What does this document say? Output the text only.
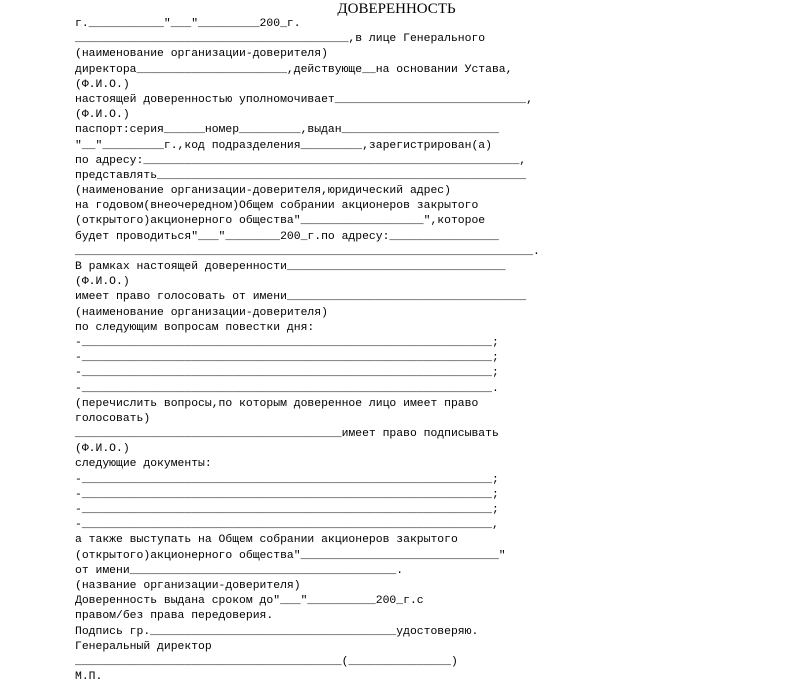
ДОВЕРЕННОСТЬ
г.___________"___"_________200_г.
________________________________________,в лице Генерального
(наименование организации-доверителя)
директора______________________,действующе__на основании Устава,
(Ф.И.О.)
настоящей доверенностью уполномочивает____________________________,
(Ф.И.О.)
паспорт:серия______номер_________,выдан_______________________
"__"_________г.,код подразделения_________,зарегистрирован(а)
по адресу:_______________________________________________________,
представлять______________________________________________________
(наименование организации-доверителя,юридический адрес)
на годовом(внеочередном)Общем собрании акционеров закрытого
(открытого)акционерного общества"__________________",которое
будет проводиться"___"________200_г.по адресу:________________
___________________________________________________________________.
В рамках настоящей доверенности________________________________
(Ф.И.О.)
имеет право голосовать от имени___________________________________
(наименование организации-доверителя)
по следующим вопросам повестки дня:
-____________________________________________________________;
-____________________________________________________________;
-____________________________________________________________;
-____________________________________________________________.
(перечислить вопросы,по которым доверенное лицо имеет право
голосовать)
_______________________________________имеет право подписывать
(Ф.И.О.)
следующие документы:
-____________________________________________________________;
-____________________________________________________________;
-____________________________________________________________;
-____________________________________________________________,
а также выступать на Общем собрании акционеров закрытого
(открытого)акционерного общества"_____________________________"
от имени_______________________________________.
(название организации-доверителя)
Доверенность выдана сроком до"___"__________200_г.с
правом/без права передоверия.
Подпись гр.____________________________________удостоверяю.
Генеральный директор
_______________________________________(_______________)
М.П.
